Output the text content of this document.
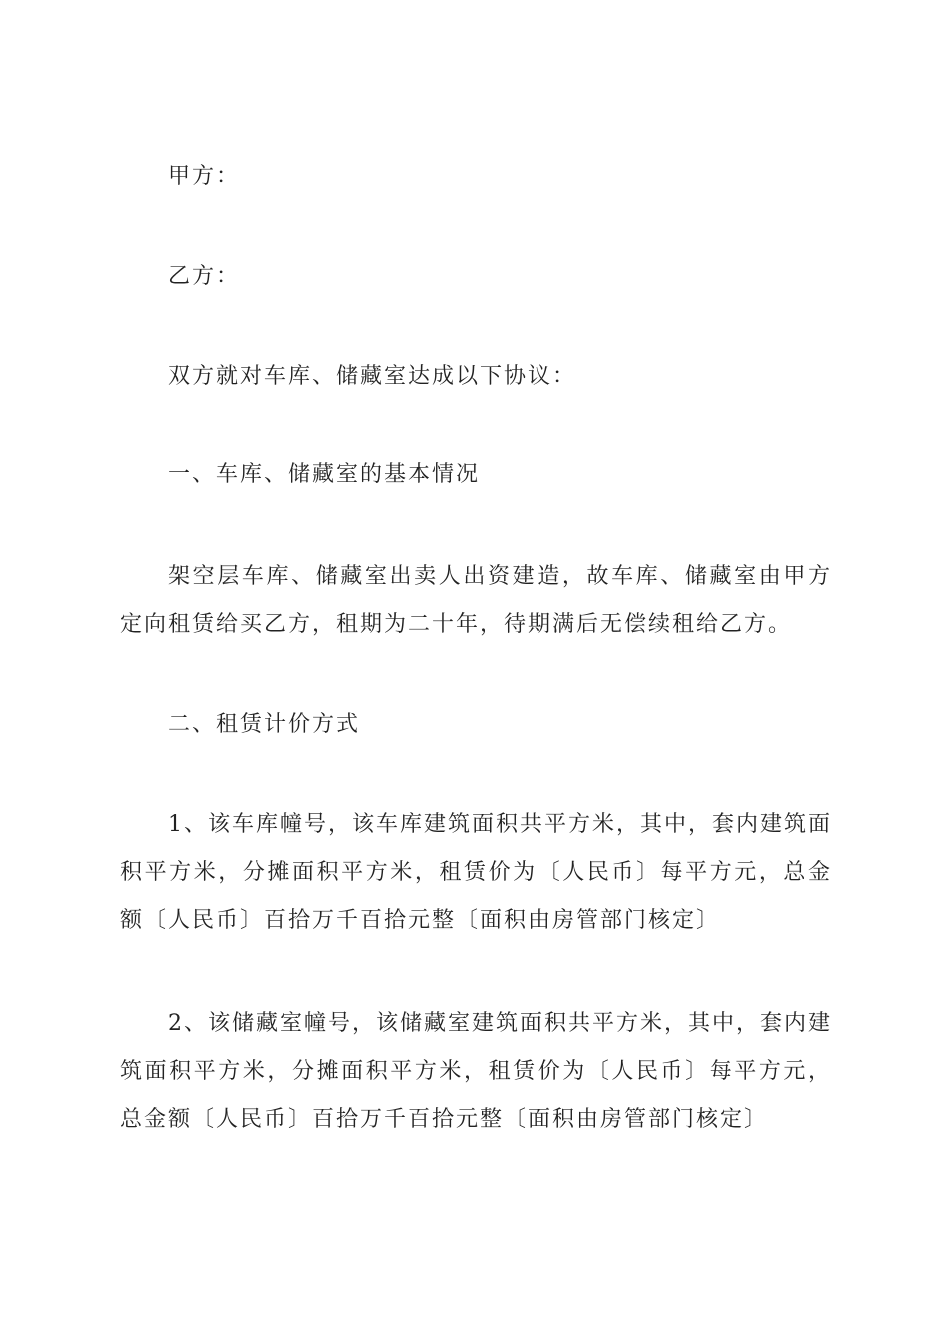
甲方：

乙方：

双方就对车库、储藏室达成以下协议：

一、车库、储藏室的基本情况

架空层车库、储藏室出卖人出资建造，故车库、储藏室由甲方定向租赁给买乙方，租期为二十年，待期满后无偿续租给乙方。

二、租赁计价方式

1、该车库幢号，该车库建筑面积共平方米，其中，套内建筑面积平方米，分摊面积平方米，租赁价为〔人民币〕每平方元，总金额〔人民币〕百拾万千百拾元整〔面积由房管部门核定〕

2、该储藏室幢号，该储藏室建筑面积共平方米，其中，套内建筑面积平方米，分摊面积平方米，租赁价为〔人民币〕每平方元，总金额〔人民币〕百拾万千百拾元整〔面积由房管部门核定〕
